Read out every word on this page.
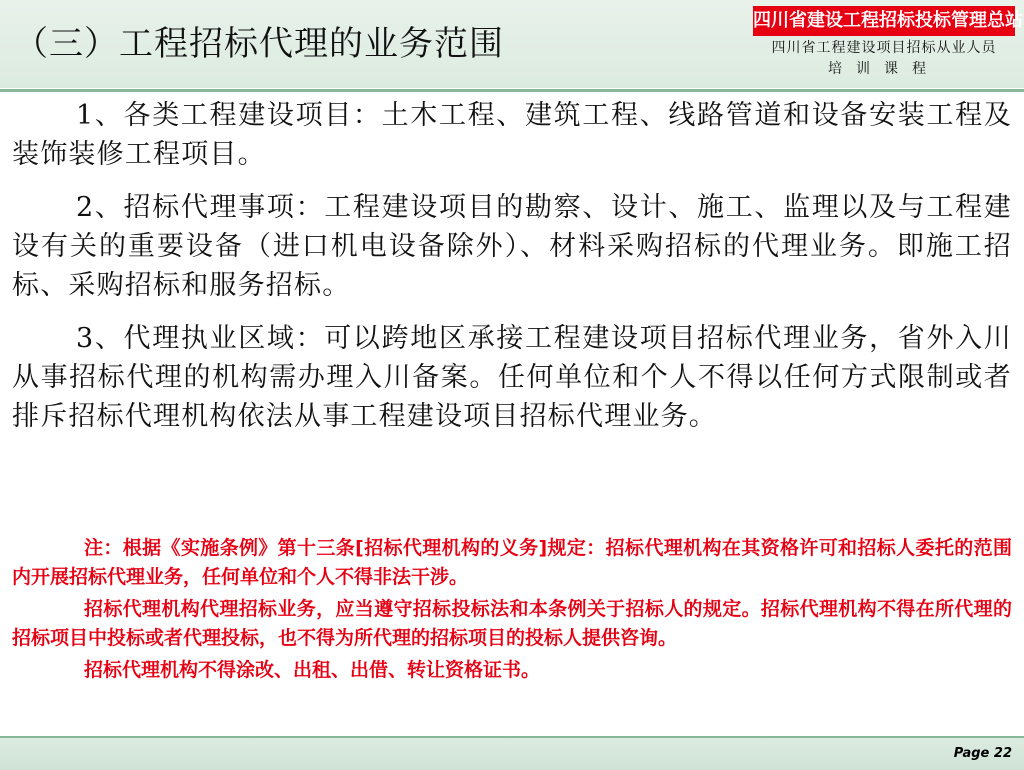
（三）工程招标代理的业务范围
四川省建设工程招标投标管理总站
四川省工程建设项目招标从业人员
培训课程

1、各类工程建设项目：土木工程、建筑工程、线路管道和设备安装工程及装饰装修工程项目。

2、招标代理事项：工程建设项目的勘察、设计、施工、监理以及与工程建设有关的重要设备（进口机电设备除外）、材料采购招标的代理业务。即施工招标、采购招标和服务招标。

3、代理执业区域：可以跨地区承接工程建设项目招标代理业务，省外入川从事招标代理的机构需办理入川备案。任何单位和个人不得以任何方式限制或者排斥招标代理机构依法从事工程建设项目招标代理业务。

注：根据《实施条例》第十三条[招标代理机构的义务]规定：招标代理机构在其资格许可和招标人委托的范围内开展招标代理业务，任何单位和个人不得非法干涉。

招标代理机构代理招标业务，应当遵守招标投标法和本条例关于招标人的规定。招标代理机构不得在所代理的招标项目中投标或者代理投标，也不得为所代理的招标项目的投标人提供咨询。

招标代理机构不得涂改、出租、出借、转让资格证书。

Page 22
